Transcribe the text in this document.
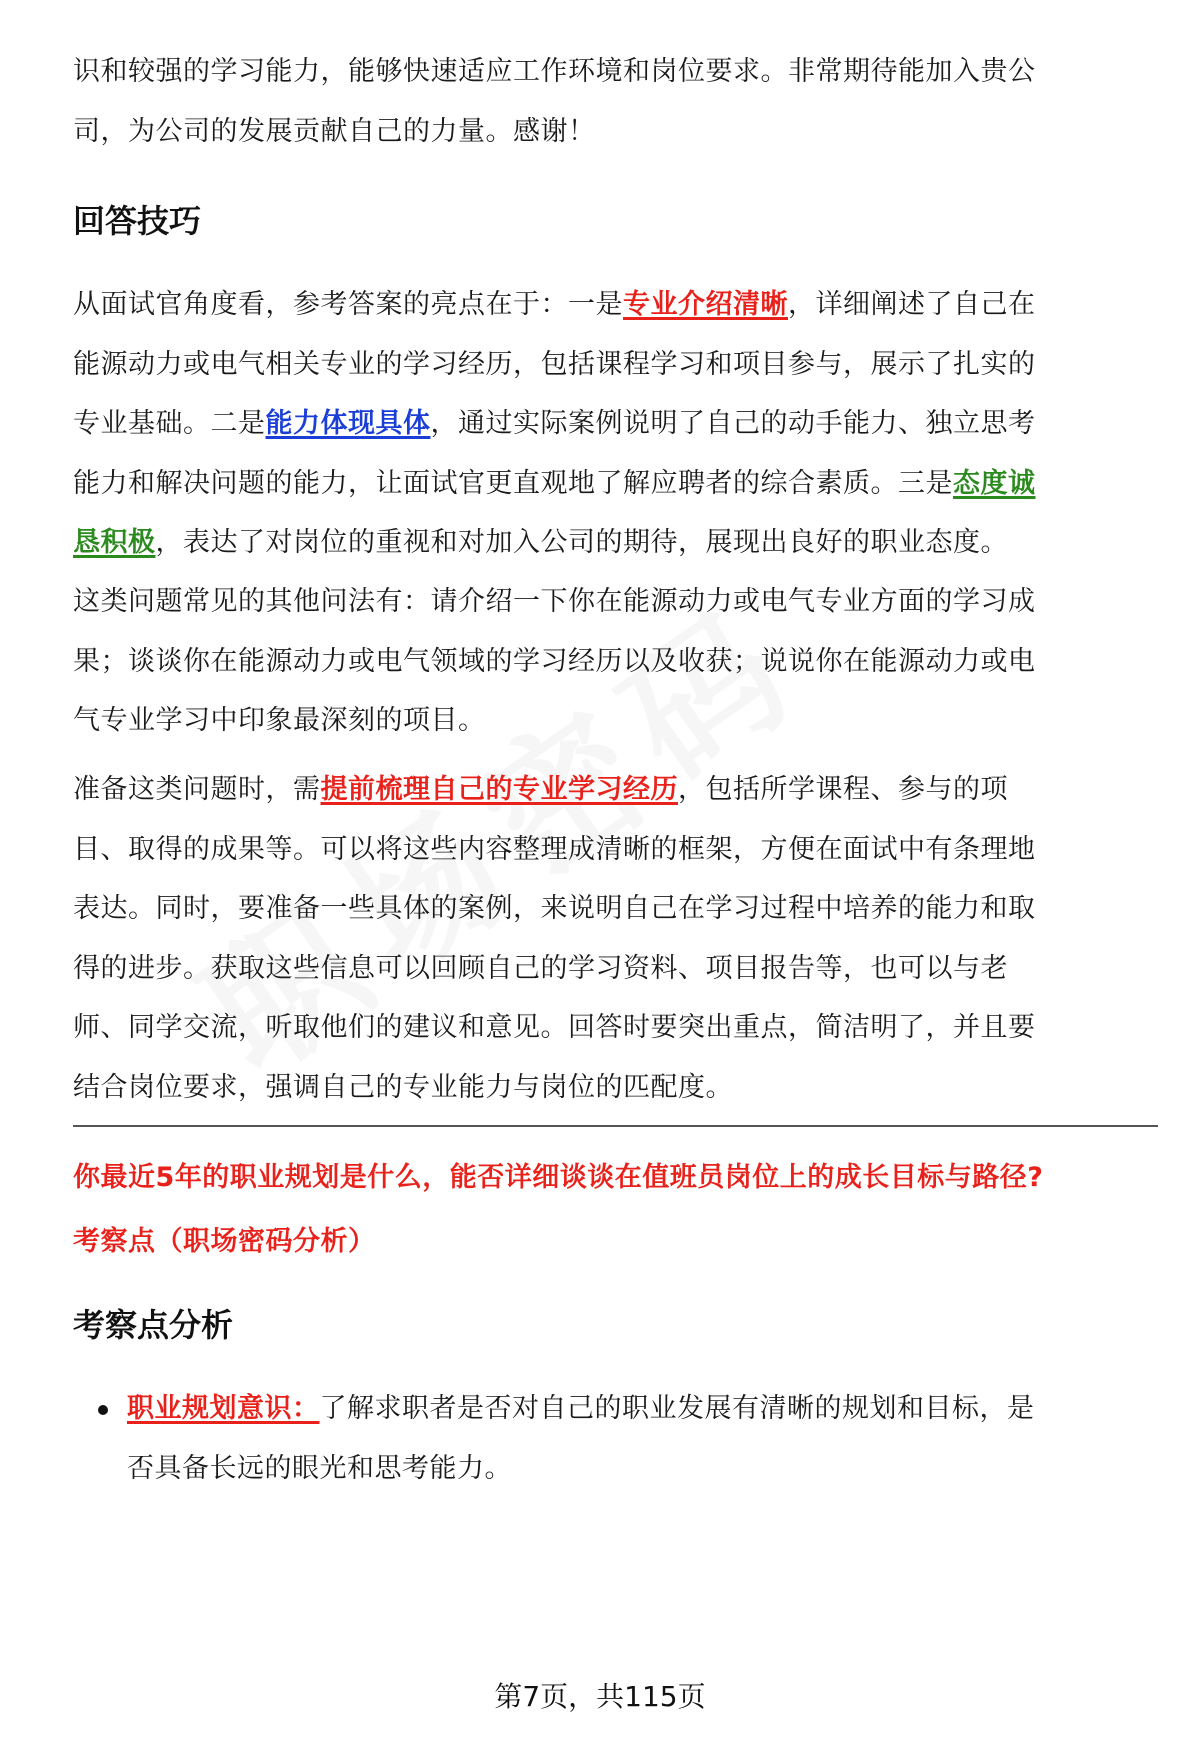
识和较强的学习能力，能够快速适应工作环境和岗位要求。非常期待能加入贵公

司，为公司的发展贡献自己的力量。感谢！

回答技巧

从面试官角度看，参考答案的亮点在于：一是专业介绍清晰，详细阐述了自己在能源动力或电气相关专业的学习经历，包括课程学习和项目参与，展示了扎实的专业基础。二是能力体现具体，通过实际案例说明了自己的动手能力、独立思考能力和解决问题的能力，让面试官更直观地了解应聘者的综合素质。三是态度诚恳积极，表达了对岗位的重视和对加入公司的期待，展现出良好的职业态度。

这类问题常见的其他问法有：请介绍一下你在能源动力或电气专业方面的学习成果；谈谈你在能源动力或电气领域的学习经历以及收获；说说你在能源动力或电气专业学习中印象最深刻的项目。

准备这类问题时，需提前梳理自己的专业学习经历，包括所学课程、参与的项目、取得的成果等。可以将这些内容整理成清晰的框架，方便在面试中有条理地表达。同时，要准备一些具体的案例，来说明自己在学习过程中培养的能力和取得的进步。获取这些信息可以回顾自己的学习资料、项目报告等，也可以与老师、同学交流，听取他们的建议和意见。回答时要突出重点，简洁明了，并且要结合岗位要求，强调自己的专业能力与岗位的匹配度。

你最近5年的职业规划是什么，能否详细谈谈在值班员岗位上的成长目标与路径?

考察点（职场密码分析）

考察点分析
职业规划意识：了解求职者是否对自己的职业发展有清晰的规划和目标，是否具备长远的眼光和思考能力。
第7页，共115页
